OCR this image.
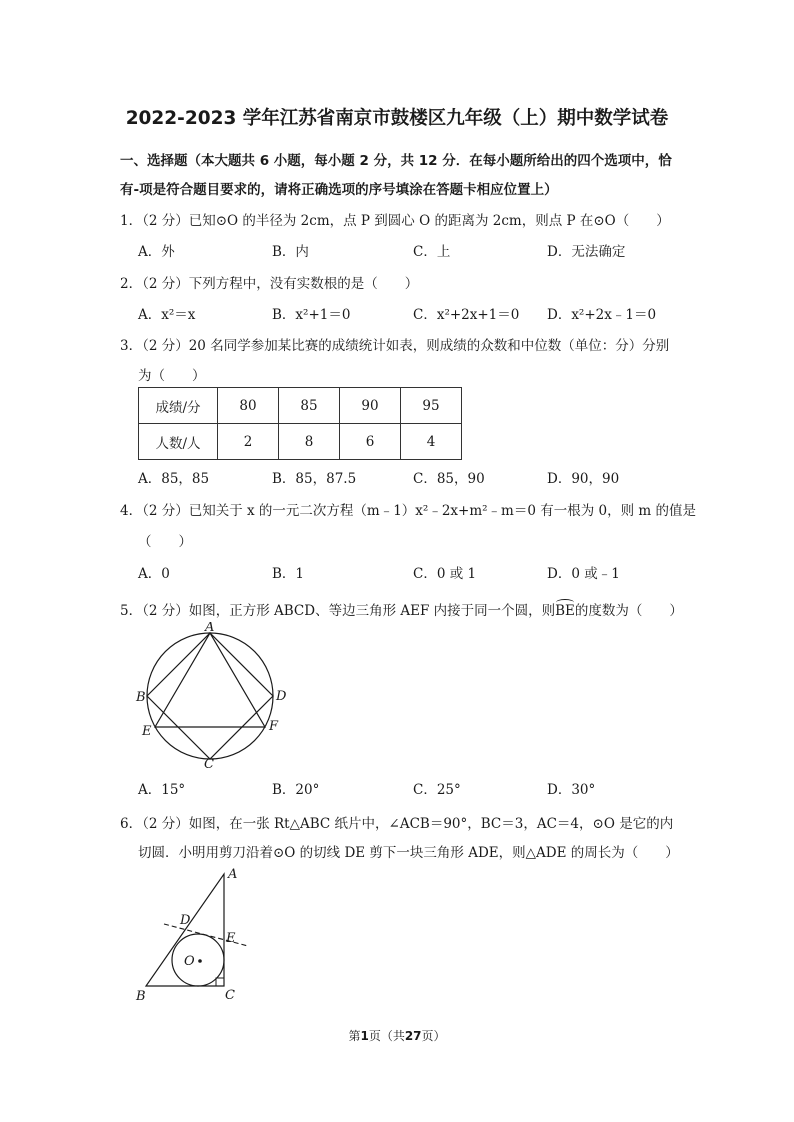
2022-2023 学年江苏省南京市鼓楼区九年级（上）期中数学试卷
一、选择题（本大题共 6 小题，每小题 2 分，共 12 分．在每小题所给出的四个选项中，恰
有-项是符合题目要求的，请将正确选项的序号填涂在答题卡相应位置上）
1．（2 分）已知⊙O 的半径为 2cm，点 P 到圆心 O 的距离为 2cm，则点 P 在⊙O（　　）
A．外	B．内	C．上	D．无法确定
2．（2 分）下列方程中，没有实数根的是（　　）
A．x²＝x	B．x²+1＝0	C．x²+2x+1＝0 D．x²+2x﹣1＝0
3．（2 分）20 名同学参加某比赛的成绩统计如表，则成绩的众数和中位数（单位：分）分别
为（　　）
成绩/分	80	85	90	95
人数/人	2	8	6	4
A．85，85	B．85，87.5	C．85，90	D．90，90
4．（2 分）已知关于 x 的一元二次方程（m﹣1）x²﹣2x+m²﹣m＝0 有一根为 0，则 m 的值是
（　　）
A．0	B．1	C．0 或 1	D．0 或﹣1
5．（2 分）如图，正方形 ABCD、等边三角形 AEF 内接于同一个圆，则BE的度数为（　　）
A
B
C
D
E	F
A．15°	B．20°	C．25°	D．30°
6．（2 分）如图，在一张 Rt△ABC 纸片中，∠ACB＝90°，BC＝3，AC＝4，⊙O 是它的内
切圆．小明用剪刀沿着⊙O 的切线 DE 剪下一块三角形 ADE，则△ADE 的周长为（　　）
A
B	C
D
E
O
第1页（共27页）
